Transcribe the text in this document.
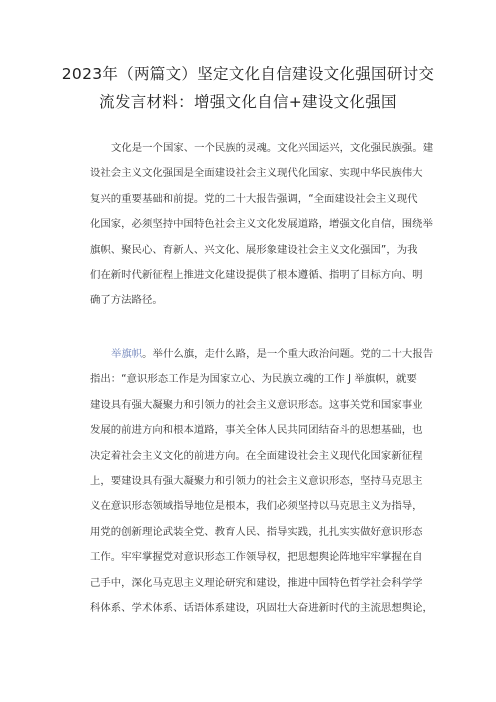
2023年（两篇文）坚定文化自信建设文化强国研讨交
流发言材料：增强文化自信+建设文化强国
文化是一个国家、一个民族的灵魂。文化兴国运兴，文化强民族强。建
设社会主义文化强国是全面建设社会主义现代化国家、实现中华民族伟大
复兴的重要基础和前提。党的二十大报告强调，“全面建设社会主义现代
化国家，必须坚持中国特色社会主义文化发展道路，增强文化自信，围绕举
旗帜、聚民心、育新人、兴文化、展形象建设社会主义文化强国”，为我
们在新时代新征程上推进文化建设提供了根本遵循、指明了目标方向、明
确了方法路径。
举旗帜。举什么旗，走什么路，是一个重大政治问题。党的二十大报告
指出：“意识形态工作是为国家立心、为民族立魂的工作 J 举旗帜，就要
建设具有强大凝聚力和引领力的社会主义意识形态。这事关党和国家事业
发展的前进方向和根本道路，事关全体人民共同团结奋斗的思想基础，也
决定着社会主义文化的前进方向。在全面建设社会主义现代化国家新征程
上，要建设具有强大凝聚力和引领力的社会主义意识形态，坚持马克思主
义在意识形态领域指导地位是根本，我们必须坚持以马克思主义为指导，
用党的创新理论武装全党、教育人民、指导实践，扎扎实实做好意识形态
工作。牢牢掌握党对意识形态工作领导权，把思想舆论阵地牢牢掌握在自
己手中，深化马克思主义理论研究和建设，推进中国特色哲学社会科学学
科体系、学术体系、话语体系建设，巩固壮大奋进新时代的主流思想舆论，
